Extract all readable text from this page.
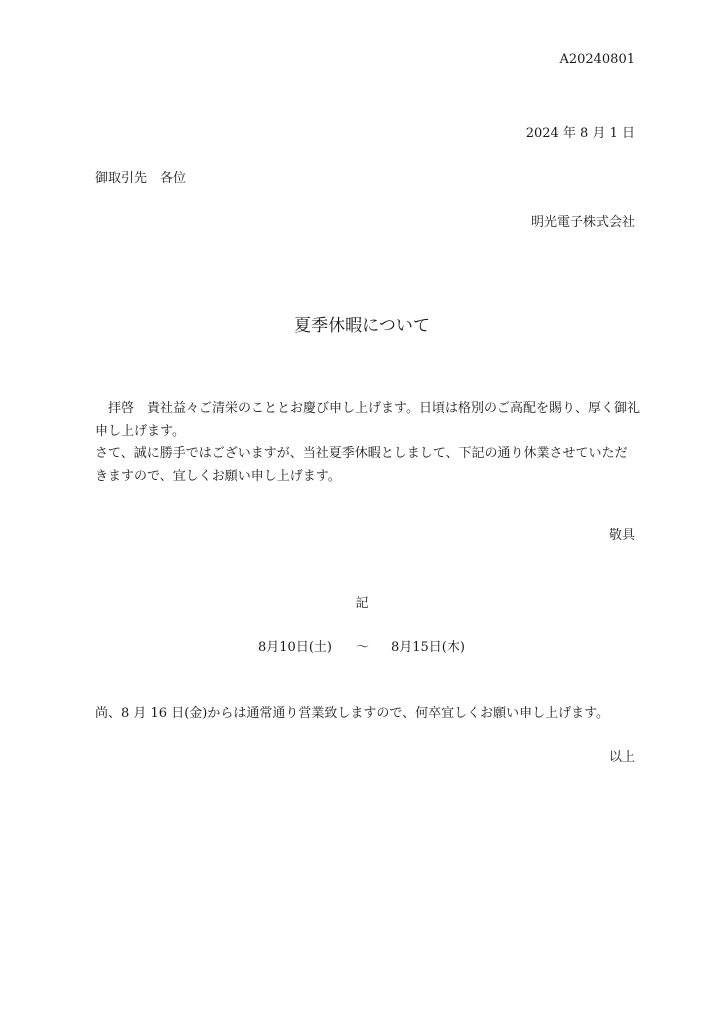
A20240801
2024 年 8 月 1 日
御取引先　各位
明光電子株式会社
夏季休暇について

　拝啓　貴社益々ご清栄のこととお慶び申し上げます。日頃は格別のご高配を賜り、厚く御礼申し上げます。

さて、誠に勝手ではございますが、当社夏季休暇としまして、下記の通り休業させていただきますので、宜しくお願い申し上げます。

敬具
記
8月10日(土) ～ 8月15日(木)
尚、8 月 16 日(金)からは通常通り営業致しますので、何卒宜しくお願い申し上げます。
以上
